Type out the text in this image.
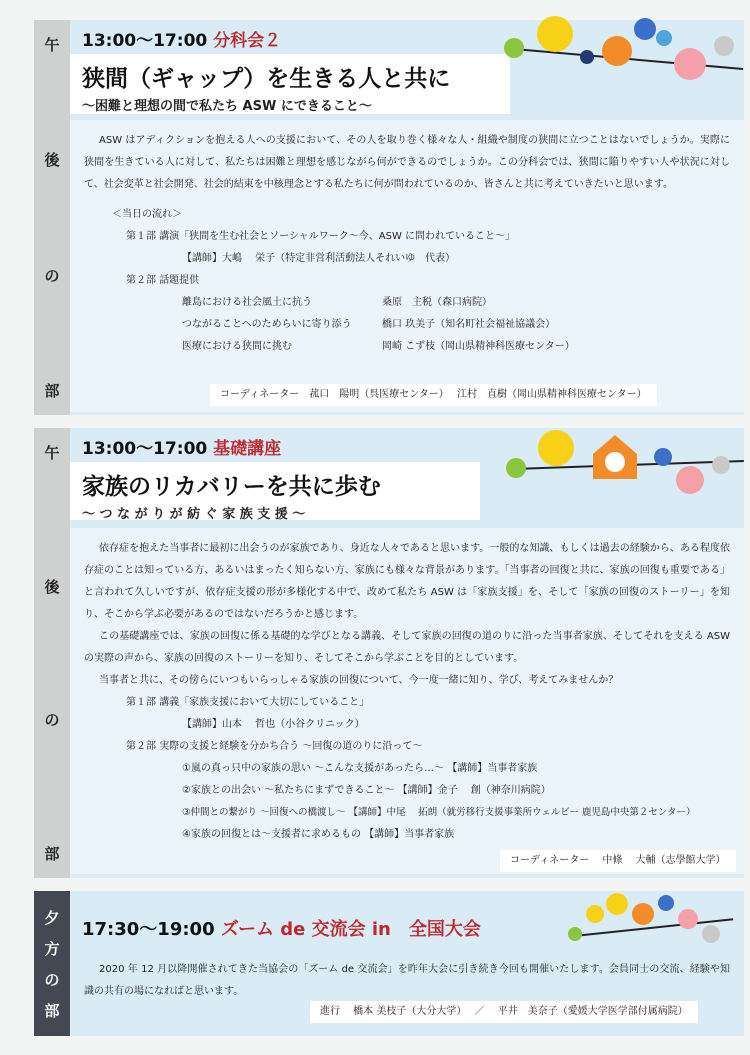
午
後
の
部
13:00～17:00 分科会２
狭間（ギャップ）を生きる人と共に
～困難と理想の間で私たち ASW にできること～
ASW はアディクションを抱える人への支援において、その人を取り巻く様々な人・組織や制度の狭間に立つことはないでしょうか。実際に狭間を生きている人に対して、私たちは困難と理想を感じながら何ができるのでしょうか。この分科会では、狭間に陥りやすい人や状況に対して、社会変革と社会開発、社会的結束を中核理念とする私たちに何が問われているのか、皆さんと共に考えていきたいと思います。
＜当日の流れ＞
第１部
講演「狭間を生む社会とソーシャルワーク～今、ASW に問われていること～」
【講師】大嶋　 栄子（特定非営利活動法人それいゆ　代表）
第２部
話題提供
離島における社会風土に抗う	桑原　主税（森口病院）
つながることへのためらいに寄り添う	橋口 玖美子（知名町社会福祉協議会）
医療における狭間に挑む	岡崎 こず枝（岡山県精神科医療センター）
コーディネーター　菰口　陽明（呉医療センター）　 江村　直樹（岡山県精神科医療センター）
午
後
の
部
13:00～17:00 基礎講座
家族のリカバリーを共に歩む
～ つ な が り が 紡 ぐ 家 族 支 援 ～
依存症を抱えた当事者に最初に出会うのが家族であり、身近な人々であると思います。一般的な知識、もしくは過去の経験から、ある程度依存症のことは知っている方、あるいはまったく知らない方、家族にも様々な背景があります。「当事者の回復と共に、家族の回復も重要である」と言われて久しいですが、依存症支援の形が多様化する中で、改めて私たち ASW は「家族支援」を、そして「家族の回復のストーリー」を知り、そこから学ぶ必要があるのではないだろうかと感じます。
この基礎講座では、家族の回復に係る基礎的な学びとなる講義、そして家族の回復の道のりに沿った当事者家族、そしてそれを支える ASW の実際の声から、家族の回復のストーリーを知り、そしてそこから学ぶことを目的としています。
当事者と共に、その傍らにいつもいらっしゃる家族の回復について、今一度一緒に知り、学び、考えてみませんか？
第１部
講義「家族支援において大切にしていること」
【講師】山本　 哲也（小谷クリニック）
第２部
実際の支援と経験を分かち合う ～回復の道のりに沿って～
①嵐の真っ只中の家族の思い ～こんな支援があったら…～ 【講師】当事者家族
②家族との出会い ～私たちにまずできること～ 【講師】金子　 創（神奈川病院）
③仲間との繋がり ～回復への橋渡し～ 【講師】中尾　 拓朗（就労移行支援事業所ウェルビー 鹿児島中央第２センター）
④家族の回復とは～支援者に求めるもの 【講師】当事者家族
コーディネーター　 中條　 大輔（志學館大学）
夕
方
の
部
17:30～19:00 ズーム de 交流会 in　全国大会
2020 年 12 月以降開催されてきた当協会の「ズーム de 交流会」を昨年大会に引き続き今回も開催いたします。会員同士の交流、経験や知識の共有の場になればと思います。
進行　 橋本 美枝子（大分大学）　 ／　 平井　美奈子（愛媛大学医学部付属病院）
